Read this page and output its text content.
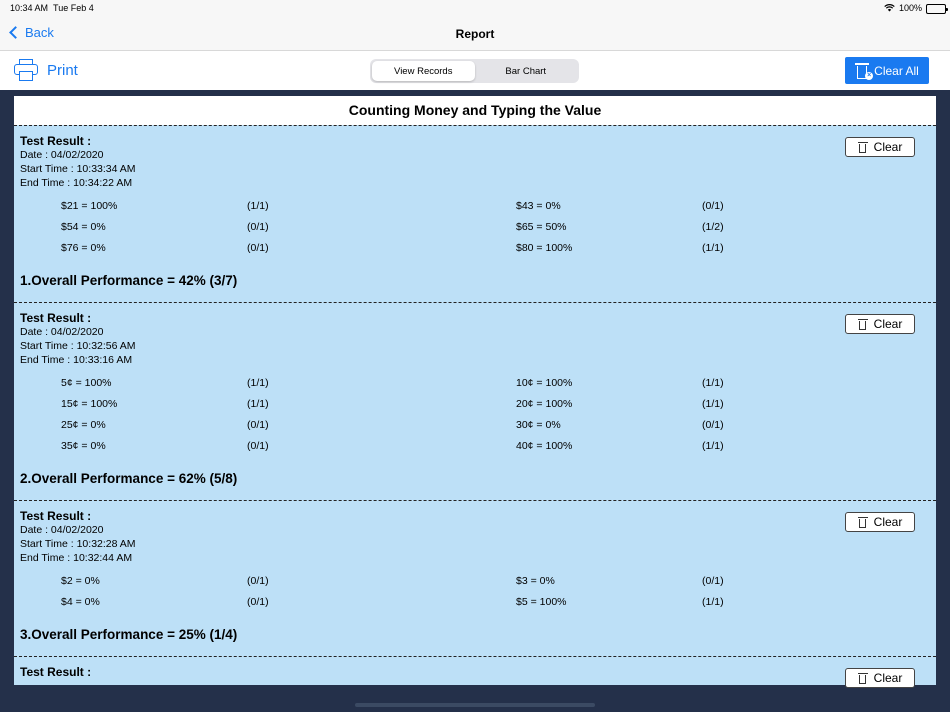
10:34 AM Tue Feb 4	100%
Back	Report
Print	View Records	Bar Chart	× Clear All
Counting Money and Typing the Value
Test Result :
Date : 04/02/2020
Start Time : 10:33:34 AM
End Time : 10:34:22 AM
$21 = 100%	(1/1)	$43 = 0%	(0/1)
$54 = 0%	(0/1)	$65 = 50%	(1/2)
$76 = 0%	(0/1)	$80 = 100%	(1/1)
1.Overall Performance = 42% (3/7)
Clear
Test Result :
Date : 04/02/2020
Start Time : 10:32:56 AM
End Time : 10:33:16 AM
5¢ = 100%	(1/1)	10¢ = 100%	(1/1)
15¢ = 100%	(1/1)	20¢ = 100%	(1/1)
25¢ = 0%	(0/1)	30¢ = 0%	(0/1)
35¢ = 0%	(0/1)	40¢ = 100%	(1/1)
2.Overall Performance = 62% (5/8)
Clear
Test Result :
Date : 04/02/2020
Start Time : 10:32:28 AM
End Time : 10:32:44 AM
$2 = 0%	(0/1)	$3 = 0%	(0/1)
$4 = 0%	(0/1)	$5 = 100%	(1/1)
3.Overall Performance = 25% (1/4)
Clear
Test Result :	Clear
